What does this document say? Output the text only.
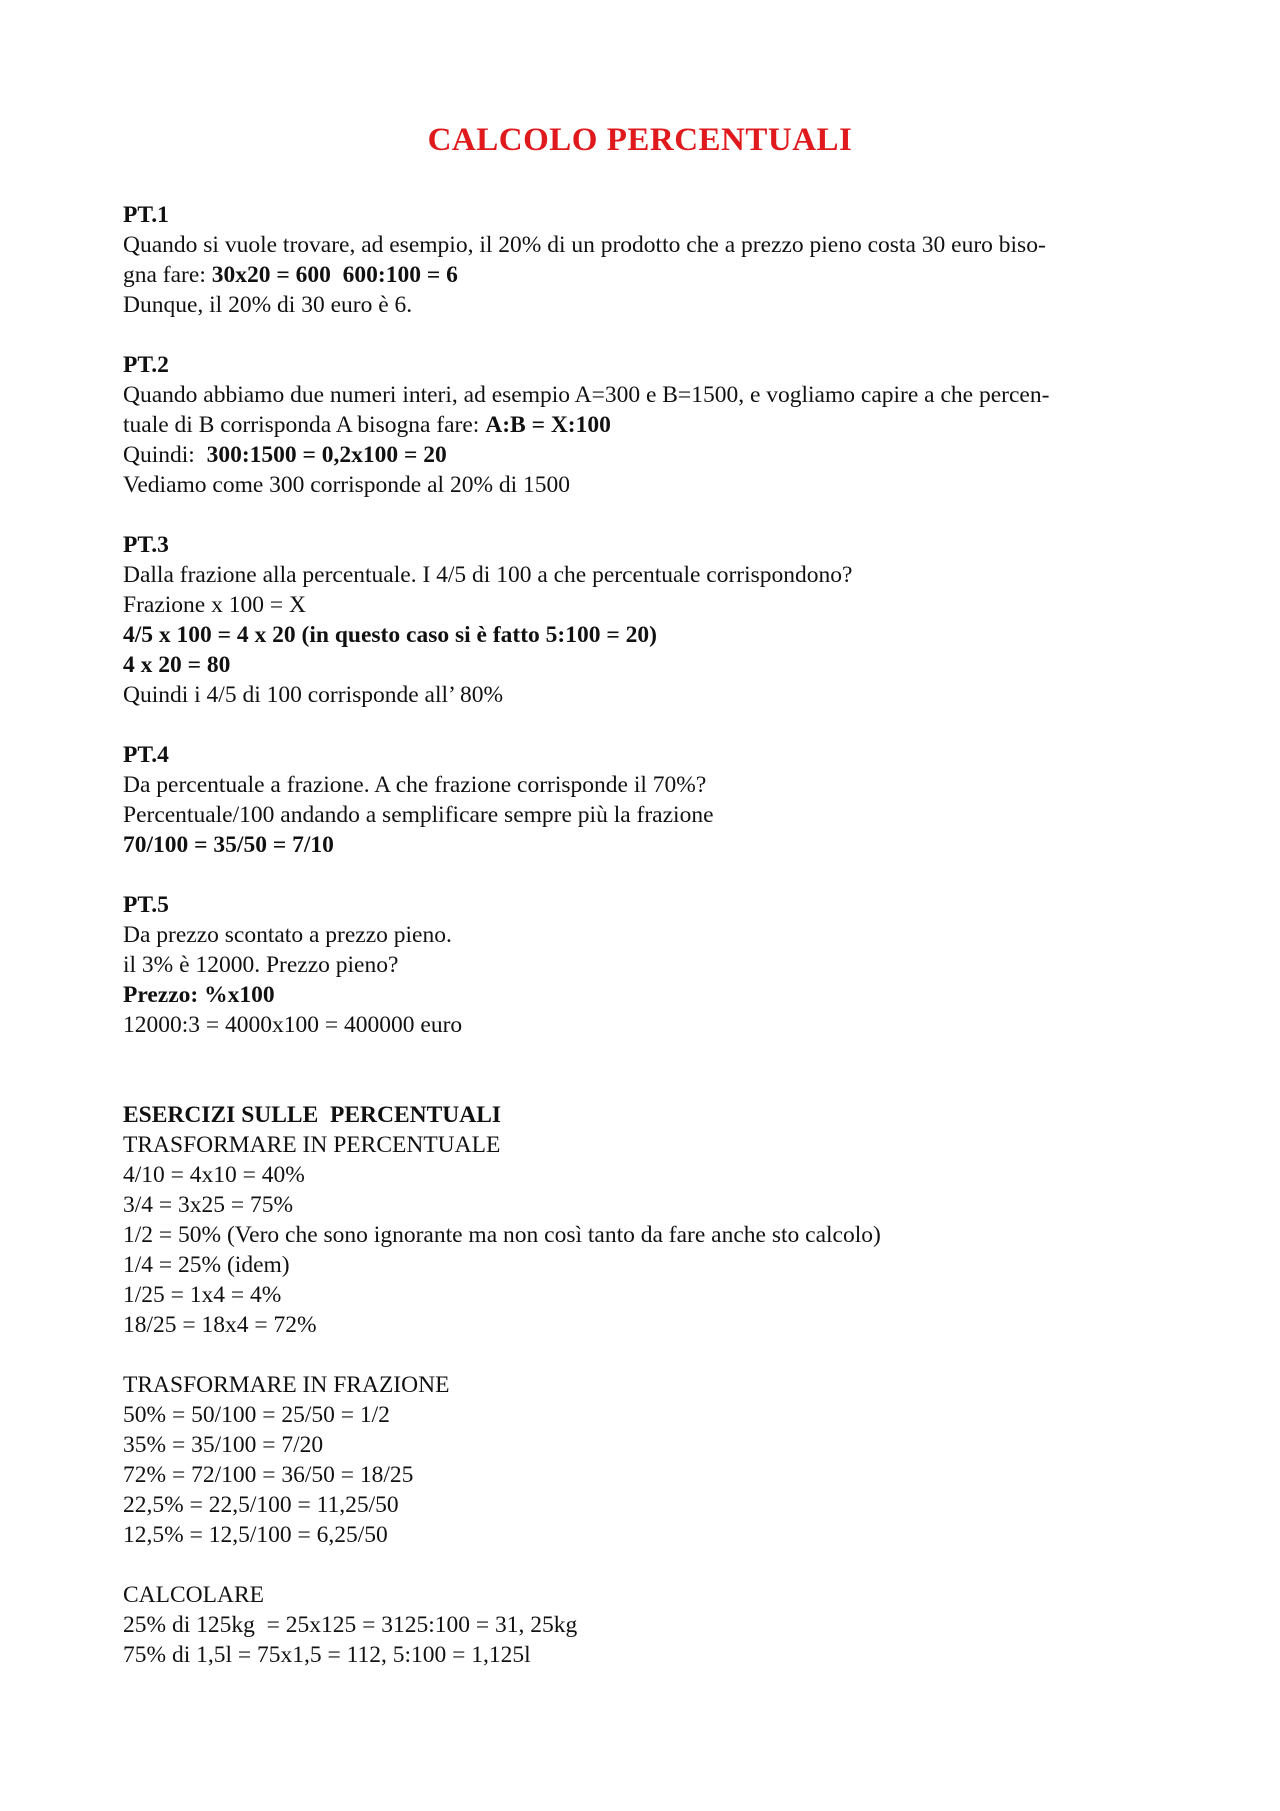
CALCOLO PERCENTUALI
PT.1
Quando si vuole trovare, ad esempio, il 20% di un prodotto che a prezzo pieno costa 30 euro biso-
gna fare: 30x20 = 600  600:100 = 6
Dunque, il 20% di 30 euro è 6.
PT.2
Quando abbiamo due numeri interi, ad esempio A=300 e B=1500, e vogliamo capire a che percen-
tuale di B corrisponda A bisogna fare: A:B = X:100
Quindi:  300:1500 = 0,2x100 = 20
Vediamo come 300 corrisponde al 20% di 1500
PT.3
Dalla frazione alla percentuale. I 4/5 di 100 a che percentuale corrispondono?
Frazione x 100 = X
4/5 x 100 = 4 x 20 (in questo caso si è fatto 5:100 = 20)
4 x 20 = 80
Quindi i 4/5 di 100 corrisponde all’ 80%
PT.4
Da percentuale a frazione. A che frazione corrisponde il 70%?
Percentuale/100 andando a semplificare sempre più la frazione
70/100 = 35/50 = 7/10
PT.5
Da prezzo scontato a prezzo pieno.
il 3% è 12000. Prezzo pieno?
Prezzo: %x100
12000:3 = 4000x100 = 400000 euro
ESERCIZI SULLE  PERCENTUALI
TRASFORMARE IN PERCENTUALE
4/10 = 4x10 = 40%
3/4 = 3x25 = 75%
1/2 = 50% (Vero che sono ignorante ma non così tanto da fare anche sto calcolo)
1/4 = 25% (idem)
1/25 = 1x4 = 4%
18/25 = 18x4 = 72%
TRASFORMARE IN FRAZIONE
50% = 50/100 = 25/50 = 1/2
35% = 35/100 = 7/20
72% = 72/100 = 36/50 = 18/25
22,5% = 22,5/100 = 11,25/50
12,5% = 12,5/100 = 6,25/50
CALCOLARE
25% di 125kg  = 25x125 = 3125:100 = 31, 25kg
75% di 1,5l = 75x1,5 = 112, 5:100 = 1,125l
